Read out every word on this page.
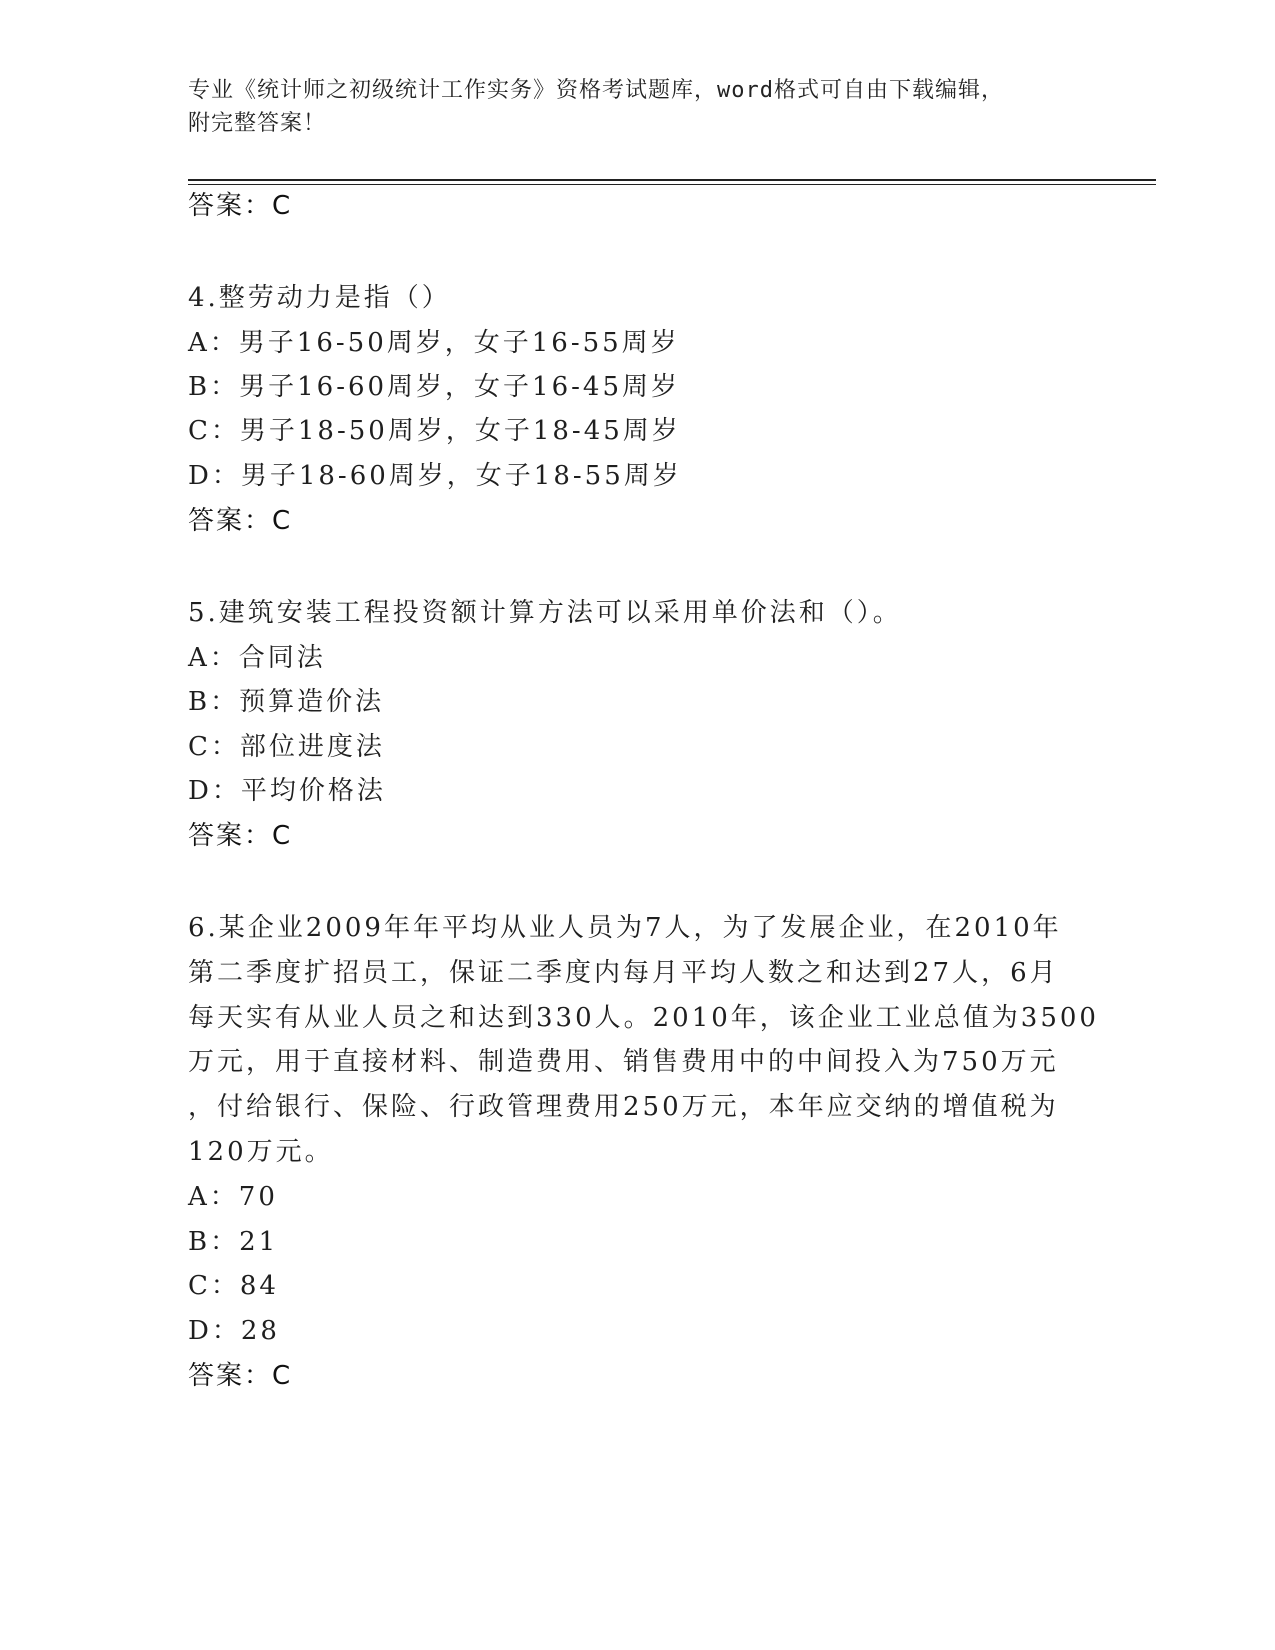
专业《统计师之初级统计工作实务》资格考试题库，word格式可自由下载编辑，
附完整答案！
答案：C
4.整劳动力是指（）
A：男子16-50周岁，女子16-55周岁
B：男子16-60周岁，女子16-45周岁
C：男子18-50周岁，女子18-45周岁
D：男子18-60周岁，女子18-55周岁
答案：C
5.建筑安装工程投资额计算方法可以采用单价法和（）。
A：合同法
B：预算造价法
C：部位进度法
D：平均价格法
答案：C
6.某企业2009年年平均从业人员为7人，为了发展企业，在2010年
第二季度扩招员工，保证二季度内每月平均人数之和达到27人，6月
每天实有从业人员之和达到330人。2010年，该企业工业总值为3500
万元，用于直接材料、制造费用、销售费用中的中间投入为750万元
，付给银行、保险、行政管理费用250万元，本年应交纳的增值税为
120万元。
A：70
B：21
C：84
D：28
答案：C
